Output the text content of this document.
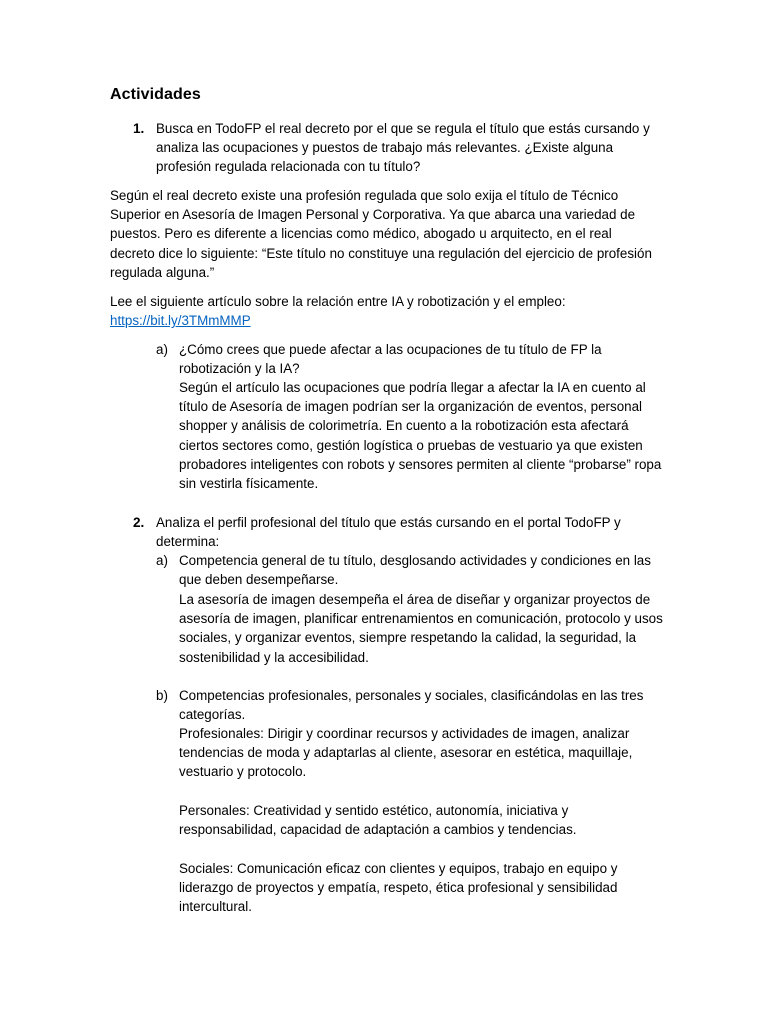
Actividades
1. Busca en TodoFP el real decreto por el que se regula el título que estás cursando y analiza las ocupaciones y puestos de trabajo más relevantes. ¿Existe alguna profesión regulada relacionada con tu título?

Según el real decreto existe una profesión regulada que solo exija el título de Técnico Superior en Asesoría de Imagen Personal y Corporativa. Ya que abarca una variedad de puestos. Pero es diferente a licencias como médico, abogado u arquitecto, en el real decreto dice lo siguiente: “Este título no constituye una regulación del ejercicio de profesión regulada alguna.”

Lee el siguiente artículo sobre la relación entre IA y robotización y el empleo:
https://bit.ly/3TMmMMP

a) ¿Cómo crees que puede afectar a las ocupaciones de tu título de FP la robotización y la IA?

Según el artículo las ocupaciones que podría llegar a afectar la IA en cuento al título de Asesoría de imagen podrían ser la organización de eventos, personal shopper y análisis de colorimetría. En cuento a la robotización esta afectará ciertos sectores como, gestión logística o pruebas de vestuario ya que existen probadores inteligentes con robots y sensores permiten al cliente “probarse” ropa sin vestirla físicamente.

2. Analiza el perfil profesional del título que estás cursando en el portal TodoFP y determina:

a) Competencia general de tu título, desglosando actividades y condiciones en las que deben desempeñarse.

La asesoría de imagen desempeña el área de diseñar y organizar proyectos de asesoría de imagen, planificar entrenamientos en comunicación, protocolo y usos sociales, y organizar eventos, siempre respetando la calidad, la seguridad, la sostenibilidad y la accesibilidad.

b) Competencias profesionales, personales y sociales, clasificándolas en las tres categorías.

Profesionales: Dirigir y coordinar recursos y actividades de imagen, analizar tendencias de moda y adaptarlas al cliente, asesorar en estética, maquillaje, vestuario y protocolo.

Personales: Creatividad y sentido estético, autonomía, iniciativa y responsabilidad, capacidad de adaptación a cambios y tendencias.

Sociales: Comunicación eficaz con clientes y equipos, trabajo en equipo y liderazgo de proyectos y empatía, respeto, ética profesional y sensibilidad intercultural.
